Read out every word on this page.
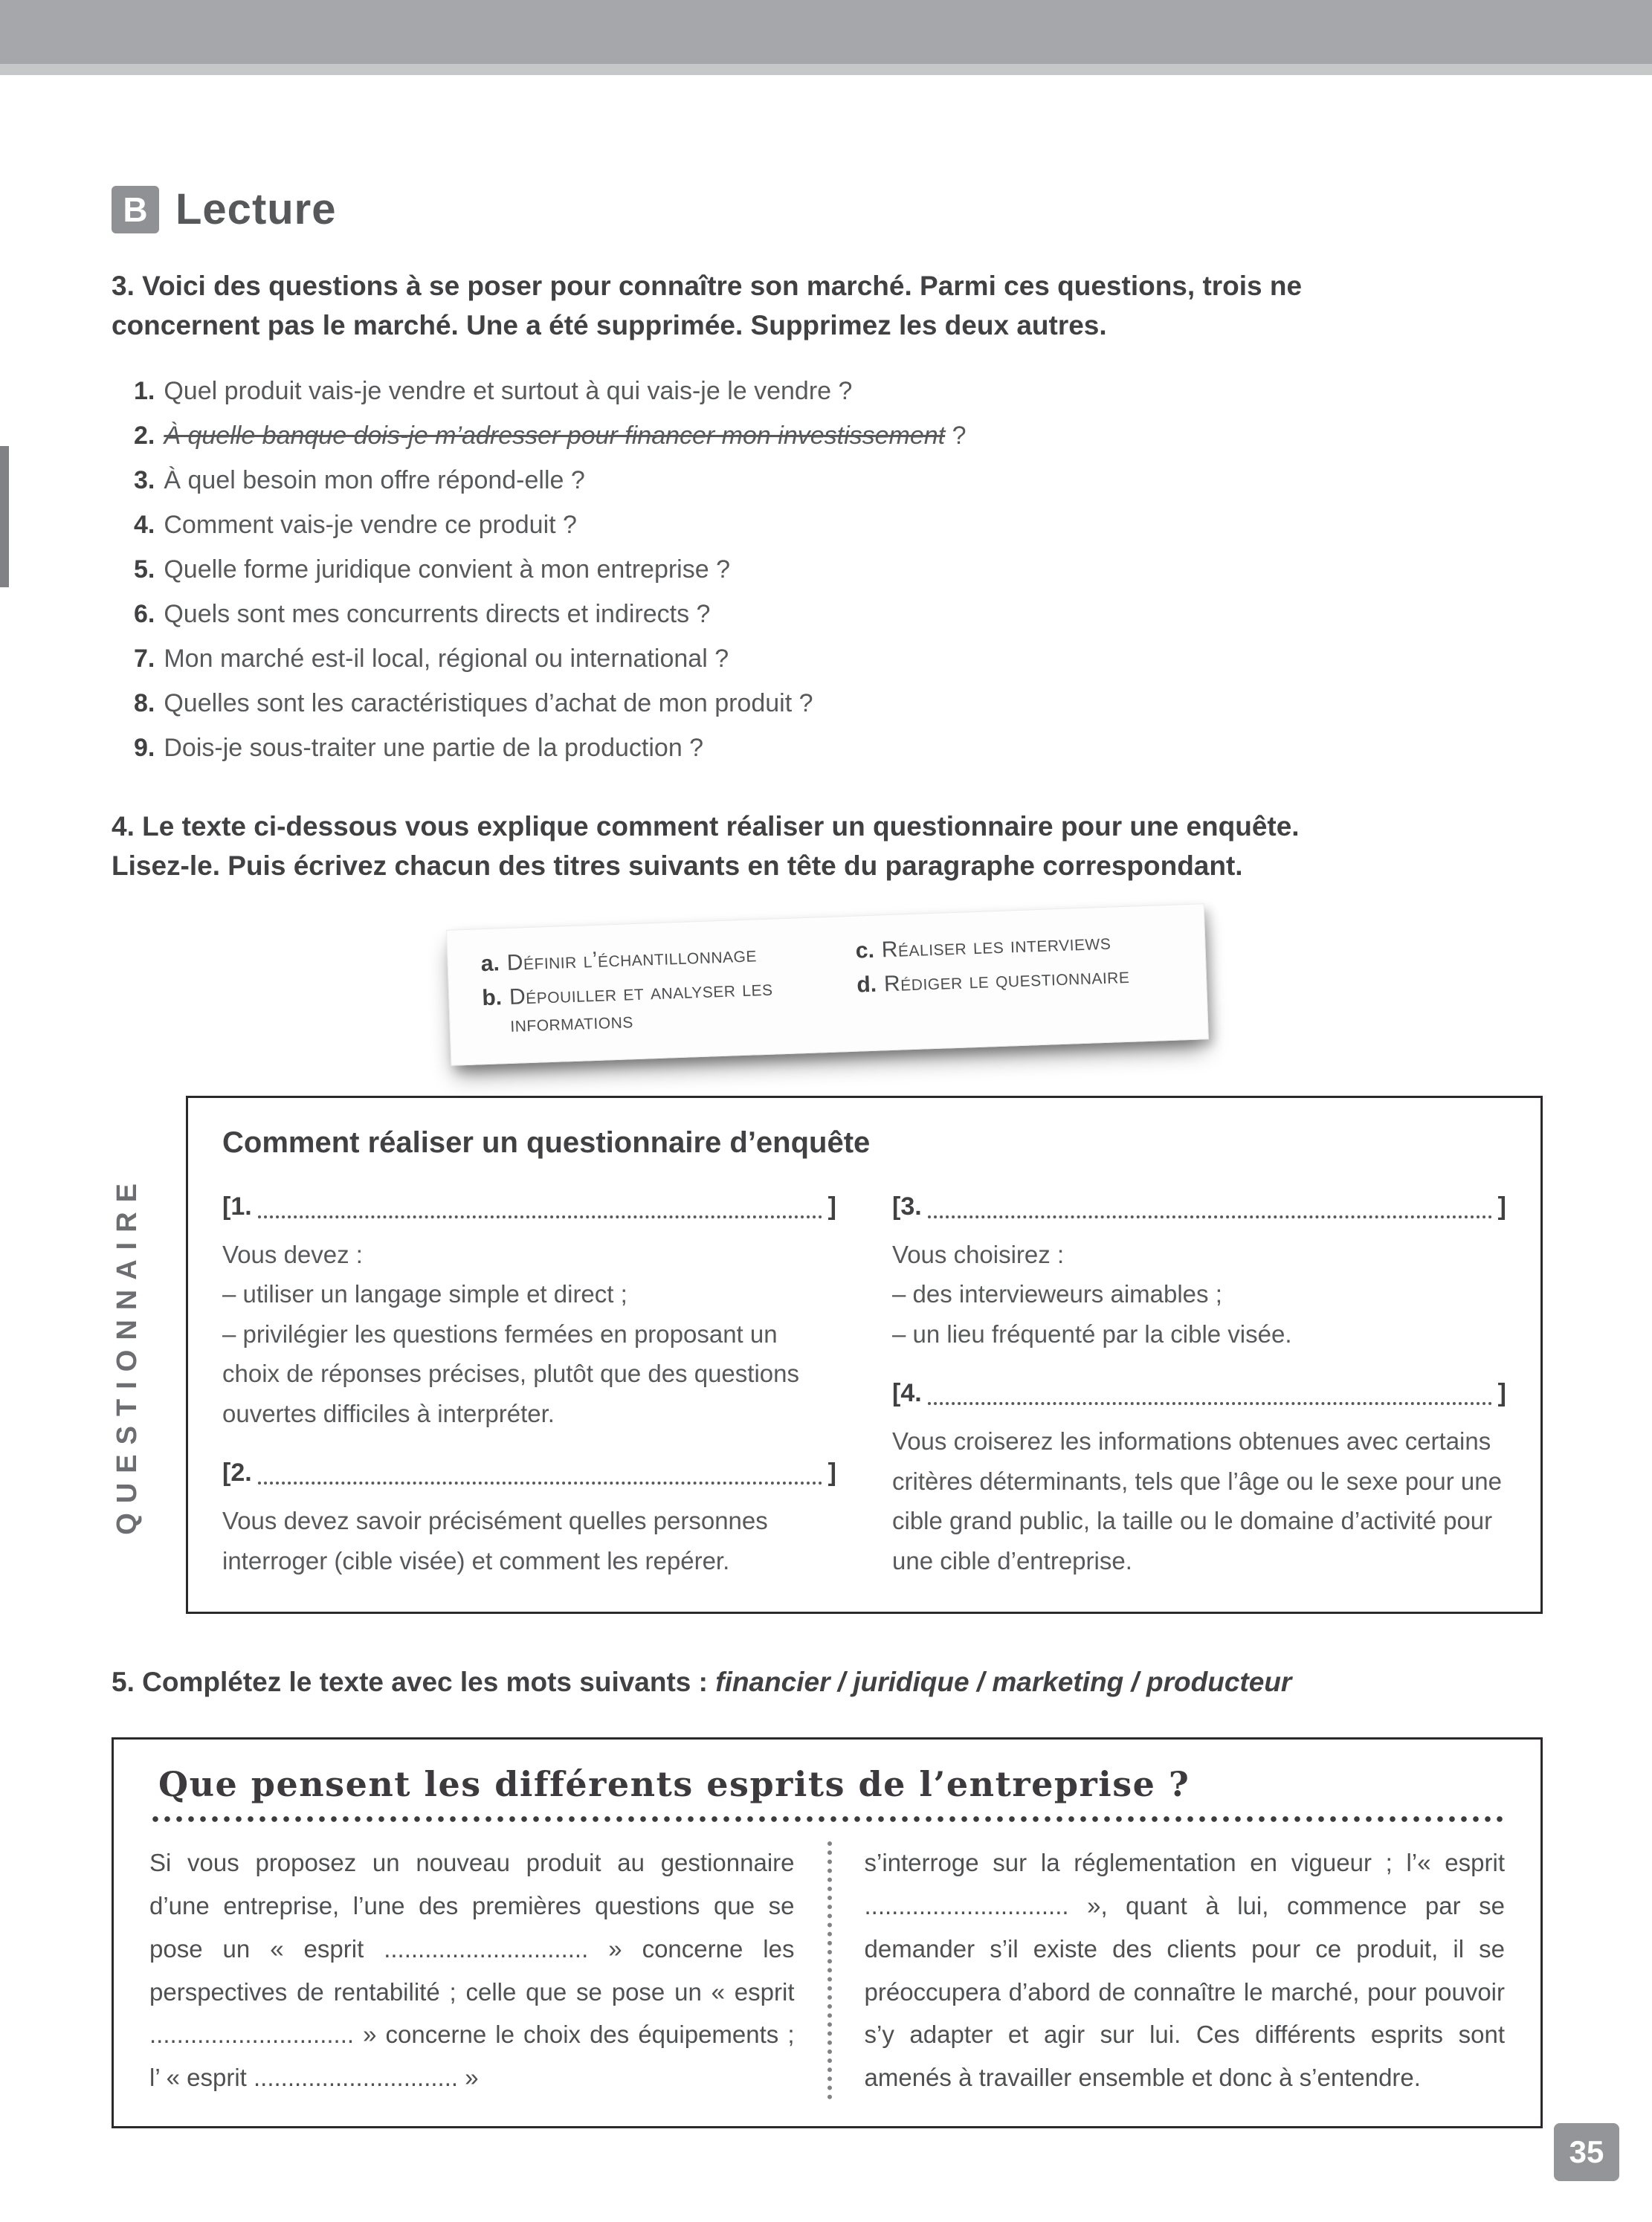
B Lecture
3. Voici des questions à se poser pour connaître son marché. Parmi ces questions, trois ne
concernent pas le marché. Une a été supprimée. Supprimez les deux autres.
1. Quel produit vais-je vendre et surtout à qui vais-je le vendre ?
2. À quelle banque dois-je m’adresser pour financer mon investissement ?
3. À quel besoin mon offre répond-elle ?
4. Comment vais-je vendre ce produit ?
5. Quelle forme juridique convient à mon entreprise ?
6. Quels sont mes concurrents directs et indirects ?
7. Mon marché est-il local, régional ou international ?
8. Quelles sont les caractéristiques d’achat de mon produit ?
9. Dois-je sous-traiter une partie de la production ?
4. Le texte ci-dessous vous explique comment réaliser un questionnaire pour une enquête.
Lisez-le. Puis écrivez chacun des titres suivants en tête du paragraphe correspondant.
a. Définir l’échantillonnage	c. Réaliser les interviews
b. Dépouiller et analyser les informations
d. Rédiger le questionnaire
QUESTIONNAIRE
Comment réaliser un questionnaire d’enquête
[1.	]
Vous devez :
– utiliser un langage simple et direct ;
– privilégier les questions fermées en proposant un choix de réponses précises, plutôt que des questions ouvertes difficiles à interpréter.
[2.	]
Vous devez savoir précisément quelles personnes interroger (cible visée) et comment les repérer.
[3.	]
Vous choisirez :
– des intervieweurs aimables ;
– un lieu fréquenté par la cible visée.
[4.	]
Vous croiserez les informations obtenues avec certains critères déterminants, tels que l’âge ou le sexe pour une cible grand public, la taille ou le domaine d’activité pour une cible d’entreprise.
5. Complétez le texte avec les mots suivants : financier / juridique / marketing / producteur
Que pensent les différents esprits de l’entreprise ?
Si vous proposez un nouveau produit au gestionnaire d’une entreprise, l’une des premières questions que se pose un « esprit .............................. » concerne les perspectives de rentabilité ; celle que se pose un « esprit .............................. » concerne le choix des équipements ; l’ « esprit .............................. »
s’interroge sur la réglementation en vigueur ; l’« esprit .............................. », quant à lui, commence par se demander s’il existe des clients pour ce produit, il se préoccupera d’abord de connaître le marché, pour pouvoir s’y adapter et agir sur lui. Ces différents esprits sont amenés à travailler ensemble et donc à s’entendre.
35
